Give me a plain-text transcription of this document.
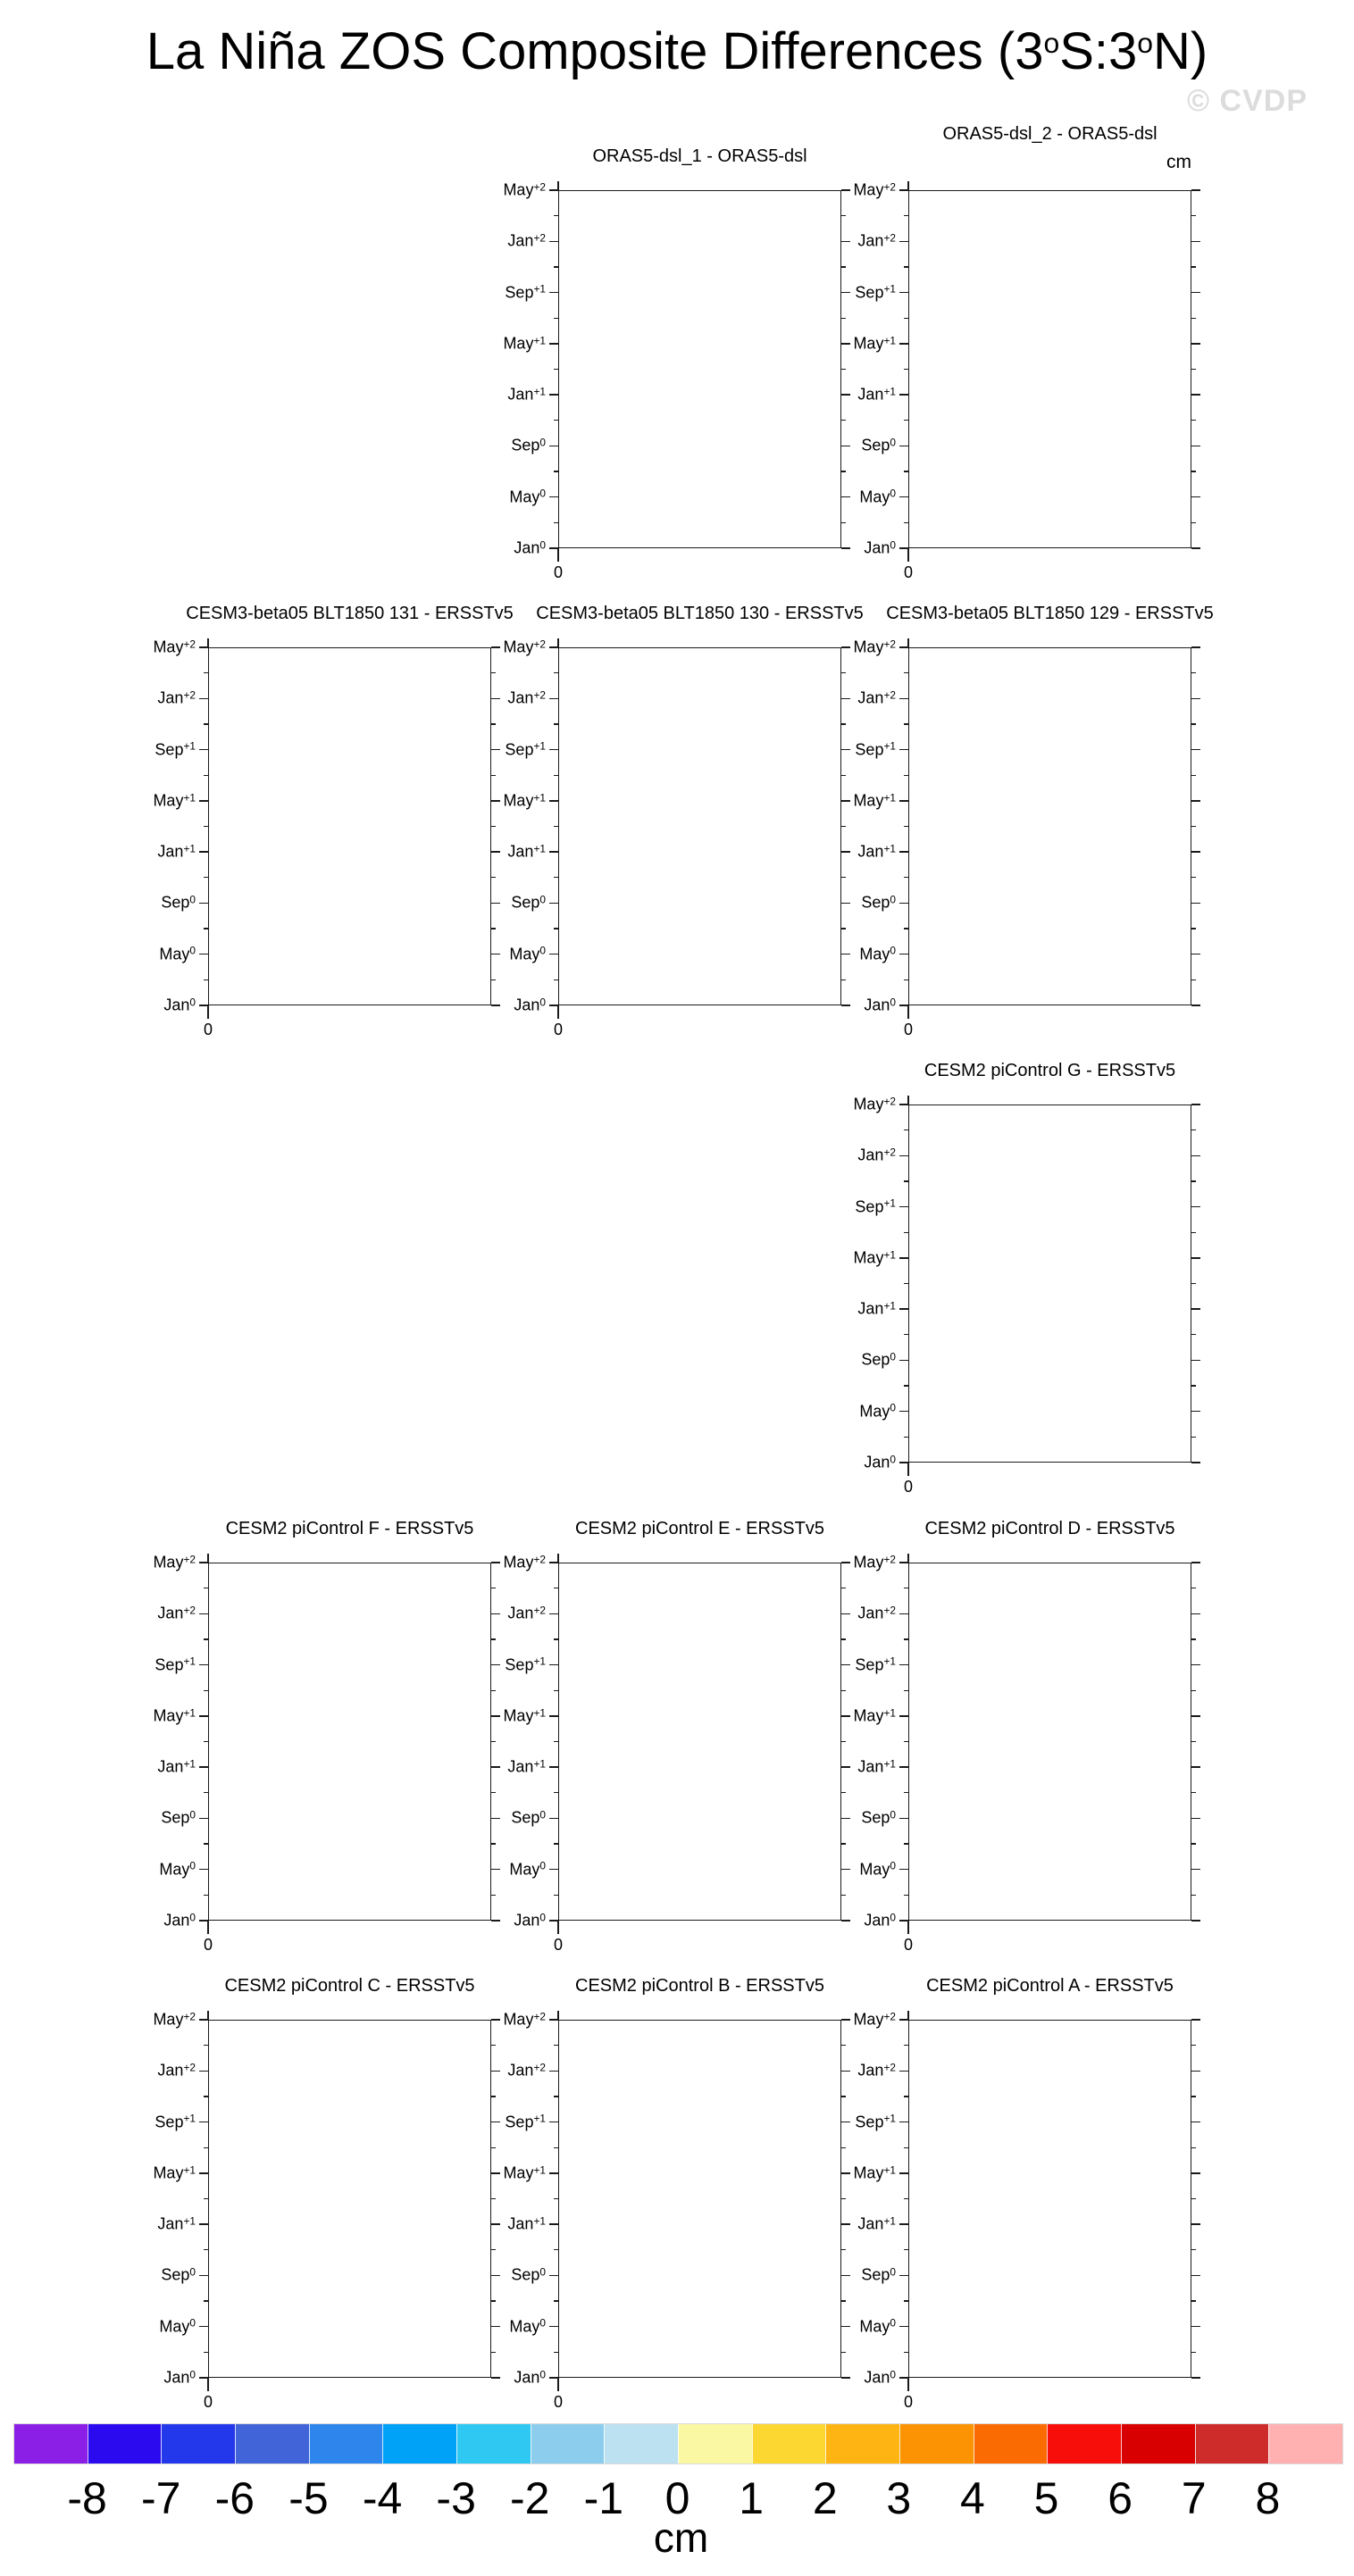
La Niña ZOS Composite Differences (3$^o$S:3$^o$N)
© CVDP
ORAS5-dsl_1 - ORAS5-dsl
0
May$^{+2}$
Jan$^{+2}$
Sep$^{+1}$
May$^{+1}$
Jan$^{+1}$
Sep$^0$
May$^0$
Jan$^0$
ORAS5-dsl_2 - ORAS5-dsl
0
cm
May$^{+2}$
Jan$^{+2}$
Sep$^{+1}$
May$^{+1}$
Jan$^{+1}$
Sep$^0$
May$^0$
Jan$^0$
CESM3-beta05 BLT1850 131 - ERSSTv5
0
May$^{+2}$
Jan$^{+2}$
Sep$^{+1}$
May$^{+1}$
Jan$^{+1}$
Sep$^0$
May$^0$
Jan$^0$
CESM3-beta05 BLT1850 130 - ERSSTv5
0
May$^{+2}$
Jan$^{+2}$
Sep$^{+1}$
May$^{+1}$
Jan$^{+1}$
Sep$^0$
May$^0$
Jan$^0$
CESM3-beta05 BLT1850 129 - ERSSTv5
0
May$^{+2}$
Jan$^{+2}$
Sep$^{+1}$
May$^{+1}$
Jan$^{+1}$
Sep$^0$
May$^0$
Jan$^0$
CESM2 piControl G - ERSSTv5
0
May$^{+2}$
Jan$^{+2}$
Sep$^{+1}$
May$^{+1}$
Jan$^{+1}$
Sep$^0$
May$^0$
Jan$^0$
CESM2 piControl F - ERSSTv5
0
May$^{+2}$
Jan$^{+2}$
Sep$^{+1}$
May$^{+1}$
Jan$^{+1}$
Sep$^0$
May$^0$
Jan$^0$
CESM2 piControl E - ERSSTv5
0
May$^{+2}$
Jan$^{+2}$
Sep$^{+1}$
May$^{+1}$
Jan$^{+1}$
Sep$^0$
May$^0$
Jan$^0$
CESM2 piControl D - ERSSTv5
0
May$^{+2}$
Jan$^{+2}$
Sep$^{+1}$
May$^{+1}$
Jan$^{+1}$
Sep$^0$
May$^0$
Jan$^0$
CESM2 piControl C - ERSSTv5
0
May$^{+2}$
Jan$^{+2}$
Sep$^{+1}$
May$^{+1}$
Jan$^{+1}$
Sep$^0$
May$^0$
Jan$^0$
CESM2 piControl B - ERSSTv5
0
May$^{+2}$
Jan$^{+2}$
Sep$^{+1}$
May$^{+1}$
Jan$^{+1}$
Sep$^0$
May$^0$
Jan$^0$
CESM2 piControl A - ERSSTv5
0
May$^{+2}$
Jan$^{+2}$
Sep$^{+1}$
May$^{+1}$
Jan$^{+1}$
Sep$^0$
May$^0$
Jan$^0$
-8 -7 -6 -5 -4 -3 -2 -1 0 1 2 3 4 5 6 7 8
cm
